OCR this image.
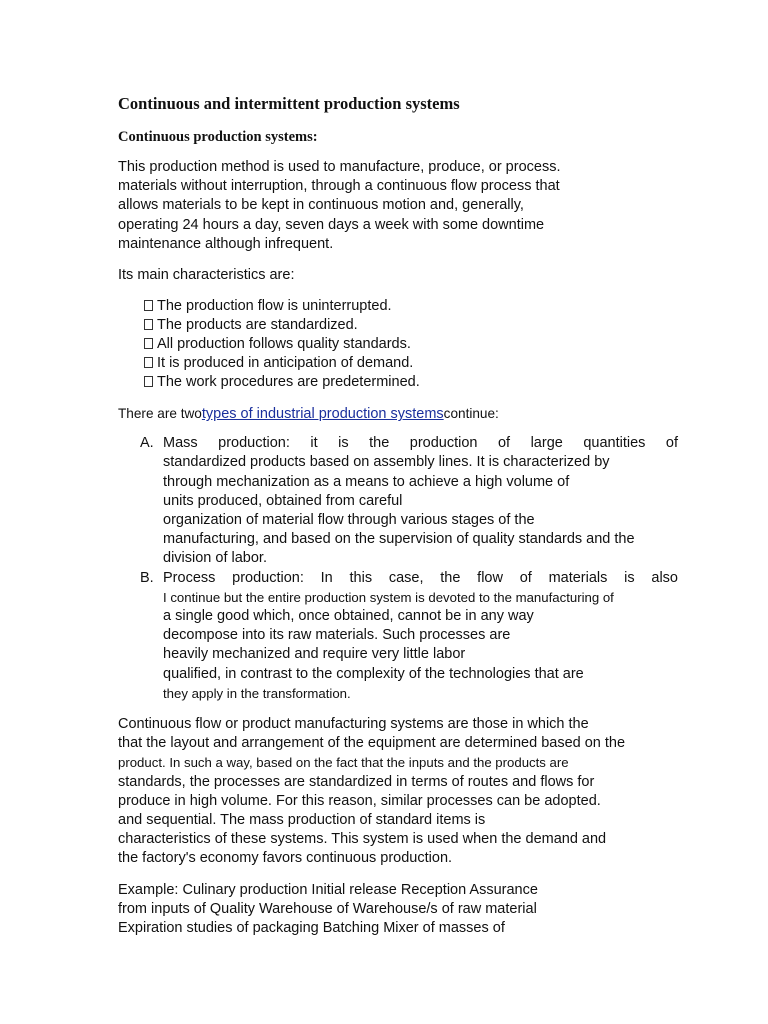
Continuous and intermittent production systems
Continuous production systems:
This production method is used to manufacture, produce, or process.
materials without interruption, through a continuous flow process that
allows materials to be kept in continuous motion and, generally,
operating 24 hours a day, seven days a week with some downtime
maintenance although infrequent.
Its main characteristics are:
The production flow is uninterrupted.
The products are standardized.
All production follows quality standards.
It is produced in anticipation of demand.
The work procedures are predetermined.
There are twotypes of industrial production systemscontinue:
A. Mass production: it is the production of large quantities of
standardized products based on assembly lines. It is characterized by
through mechanization as a means to achieve a high volume of
units produced, obtained from careful
organization of material flow through various stages of the
manufacturing, and based on the supervision of quality standards and the
division of labor.
B. Process production: In this case, the flow of materials is also
I continue but the entire production system is devoted to the manufacturing of
a single good which, once obtained, cannot be in any way
decompose into its raw materials. Such processes are
heavily mechanized and require very little labor
qualified, in contrast to the complexity of the technologies that are
they apply in the transformation.
Continuous flow or product manufacturing systems are those in which the
that the layout and arrangement of the equipment are determined based on the
product. In such a way, based on the fact that the inputs and the products are
standards, the processes are standardized in terms of routes and flows for
produce in high volume. For this reason, similar processes can be adopted.
and sequential. The mass production of standard items is
characteristics of these systems. This system is used when the demand and
the factory's economy favors continuous production.
Example: Culinary production Initial release Reception Assurance
from inputs of Quality Warehouse of Warehouse/s of raw material
Expiration studies of packaging Batching Mixer of masses of
